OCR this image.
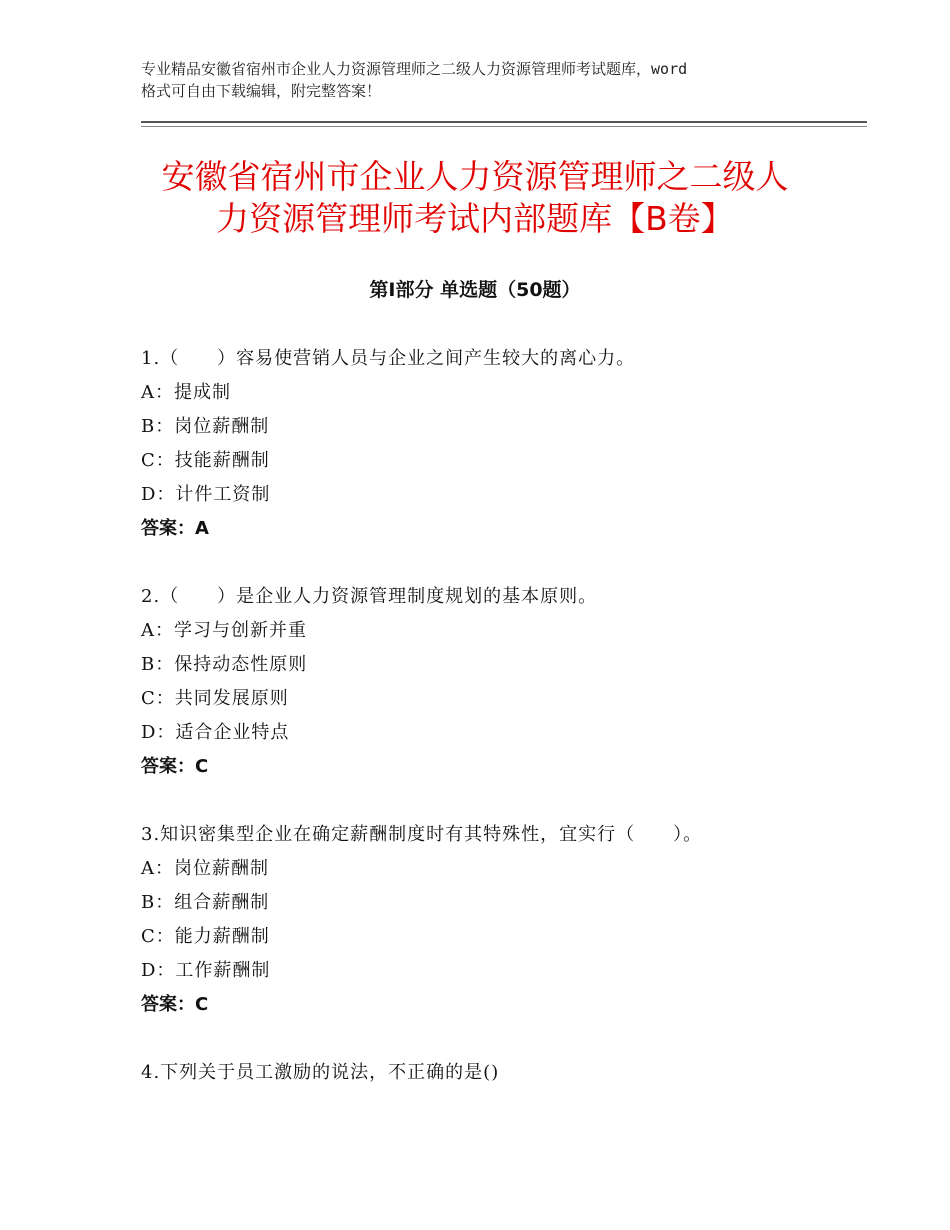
专业精品安徽省宿州市企业人力资源管理师之二级人力资源管理师考试题库，word
格式可自由下载编辑，附完整答案！
安徽省宿州市企业人力资源管理师之二级人
力资源管理师考试内部题库【B卷】
第Ⅰ部分 单选题（50题）
1.（　　）容易使营销人员与企业之间产生较大的离心力。
A：提成制
B：岗位薪酬制
C：技能薪酬制
D：计件工资制
答案：A
2.（　　）是企业人力资源管理制度规划的基本原则。
A：学习与创新并重
B：保持动态性原则
C：共同发展原则
D：适合企业特点
答案：C
3.知识密集型企业在确定薪酬制度时有其特殊性，宜实行（　　）。
A：岗位薪酬制
B：组合薪酬制
C：能力薪酬制
D：工作薪酬制
答案：C
4.下列关于员工激励的说法，不正确的是()
